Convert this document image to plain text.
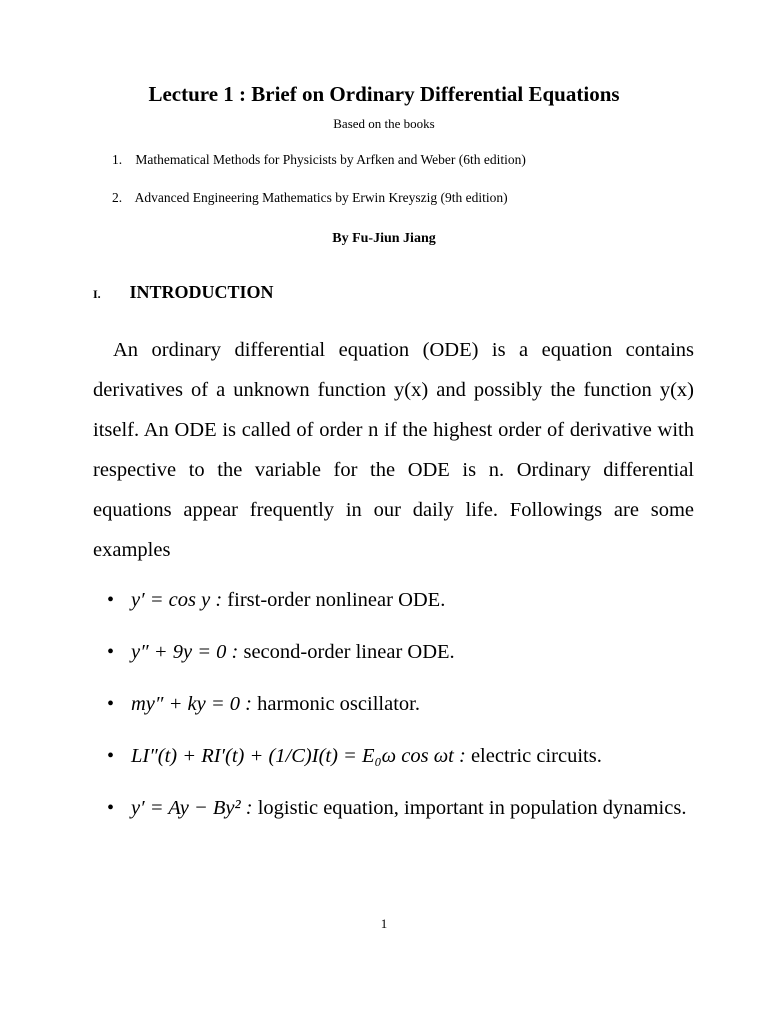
Lecture 1 : Brief on Ordinary Differential Equations
Based on the books
1. Mathematical Methods for Physicists by Arfken and Weber (6th edition)
2. Advanced Engineering Mathematics by Erwin Kreyszig (9th edition)
By Fu-Jiun Jiang
I. INTRODUCTION

An ordinary differential equation (ODE) is a equation contains derivatives of a unknown function y(x) and possibly the function y(x) itself. An ODE is called of order n if the highest order of derivative with respective to the variable for the ODE is n. Ordinary differential equations appear frequently in our daily life. Followings are some examples

• y′ = cos y : first-order nonlinear ODE.
• y″ + 9y = 0 : second-order linear ODE.
• my″ + ky = 0 : harmonic oscillator.
• LI″(t) + RI′(t) + (1/C)I(t) = E₀ω cos ωt : electric circuits.
• y′ = Ay − By² : logistic equation, important in population dynamics.
1
